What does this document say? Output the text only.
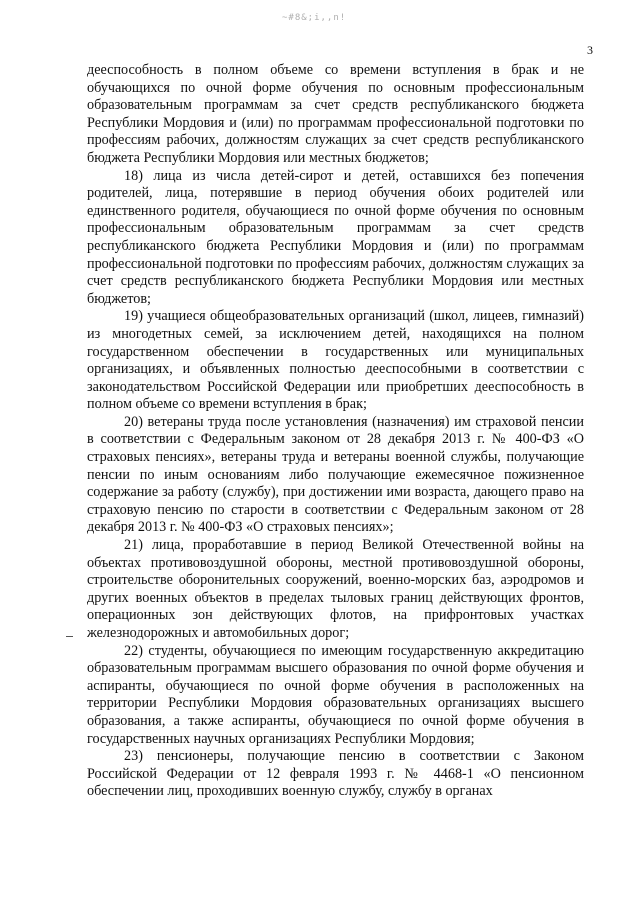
~#8&;i,,n!
3

дееспособность в полном объеме со времени вступления в брак и не обучающихся по очной форме обучения по основным профессиональным образовательным программам за счет средств республиканского бюджета Республики Мордовия и (или) по программам профессиональной подготовки по профессиям рабочих, должностям служащих за счет средств республиканского бюджета Республики Мордовия или местных бюджетов;

18) лица из числа детей-сирот и детей, оставшихся без попечения родителей, лица, потерявшие в период обучения обоих родителей или единственного родителя, обучающиеся по очной форме обучения по основным профессиональным образовательным программам за счет средств республиканского бюджета Республики Мордовия и (или) по программам профессиональной подготовки по профессиям рабочих, должностям служащих за счет средств республиканского бюджета Республики Мордовия или местных бюджетов;

19) учащиеся общеобразовательных организаций (школ, лицеев, гимназий) из многодетных семей, за исключением детей, находящихся на полном государственном обеспечении в государственных или муниципальных организациях, и объявленных полностью дееспособными в соответствии с законодательством Российской Федерации или приобретших дееспособность в полном объеме со времени вступления в брак;

20) ветераны труда после установления (назначения) им страховой пенсии в соответствии с Федеральным законом от 28 декабря 2013 г. № 400-ФЗ «О страховых пенсиях», ветераны труда и ветераны военной службы, получающие пенсии по иным основаниям либо получающие ежемесячное пожизненное содержание за работу (службу), при достижении ими возраста, дающего право на страховую пенсию по старости в соответствии с Федеральным законом от 28 декабря 2013 г. № 400-ФЗ «О страховых пенсиях»;

21) лица, проработавшие в период Великой Отечественной войны на объектах противовоздушной обороны, местной противовоздушной обороны, строительстве оборонительных сооружений, военно-морских баз, аэродромов и других военных объектов в пределах тыловых границ действующих фронтов, операционных зон действующих флотов, на прифронтовых участках железнодорожных и автомобильных дорог;

22) студенты, обучающиеся по имеющим государственную аккредитацию образовательным программам высшего образования по очной форме обучения и аспиранты, обучающиеся по очной форме обучения в расположенных на территории Республики Мордовия образовательных организациях высшего образования, а также аспиранты, обучающиеся по очной форме обучения в государственных научных организациях Республики Мордовия;

23) пенсионеры, получающие пенсию в соответствии с Законом Российской Федерации от 12 февраля 1993 г. № 4468-1 «О пенсионном обеспечении лиц, проходивших военную службу, службу в органах
